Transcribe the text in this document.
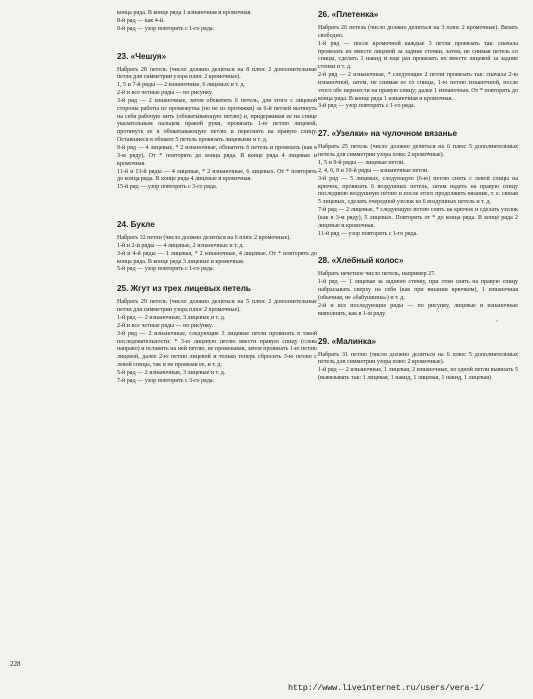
конца ряда. В конце ряда 1 изнаночная и кромочная.

8-й ряд — как 4-й.

9-й ряд — узор повторять с 1-го ряда.

23. «Чешуя»

Набрать 28 петель (число должно делиться на 8 плюс 2 дополнительные петли для симметрии узора плюс 2 кромочные).

1, 5 и 7-й ряды — 2 изнаночные, 6 лицевых и т. д.

2-й и все четные ряды — по рисунку.

3-й ряд — 2 изнаночные, затем обхватить 6 петель, для этого с лицевой стороны работы из промежутка (но не из протяжки) за 6-й петлей вытянуть на себя рабочую нить (обхватывающую петлю) и, придерживая ее на спице указательным пальцем правой руки, провязать 1-ю петлю лицевой, протянуть ее в обхватывающую петлю и переснять на правую спицу. Оставшиеся в обхвате 5 петель провязать лицевыми и т. д.

9-й ряд — 4 лицевые, * 2 изнаночные, обхватить 6 петель и провязать (как в 3-м ряду). От * повторять до конца ряда. В конце ряда 4 лицевые и кромочная.

11-й и 13-й ряды — 4 лицевые, * 2 изнаночные, 6 лицевых. От * повторять до конца ряда. В конце ряда 4 лицевые и кромочная.

15-й ряд — узор повторять с 3-го ряда.

24. Букле

Набрать 32 петли (число должно делиться на 6 плюс 2 кромочные).

1-й и 2-й ряды — 4 лицевые, 2 изнаночные и т. д.

3-й и 4-й ряды — 1 лицевая, * 2 изнаночные, 4 лицевые. От * повторять до конца ряда. В конце ряда 3 лицевые и кромочная.

5-й ряд — узор повторять с 1-го ряда.

25. Жгут из трех лицевых петель

Набрать 29 петель (число должно делиться на 5 плюс 2 дополнительные петли для симметрии узора плюс 2 кромочные).

1-й ряд — 2 изнаночные, 3 лицевые и т. д.

2-й и все четные ряды — по рисунку.

3-й ряд — 2 изнаночные, следующие 3 лицевые петли провязать в такой последовательности: * 3-ю лицевую петлю ввести правую спицу (слева направо) и оставить на ней петлю, не провязывая, затем провязать 1-ю петлю лицевой, далее 2-ю петлю лицевой и только теперь сбросить 3-ю петлю с левой спицы, так и не провязав ее, и т. д.

5-й ряд — 2 изнаночные, 3 лицевые и т. д.

7-й ряд — узор повторять с 3-го ряда.

26. «Плетенка»

Набрать 26 петель (число должно делиться на 3 плюс 2 кромочные). Вязать свободно.

1-й ряд — после кромочной каждые 3 петли провязать так: сначала провязать их вместе лицевой за задние стенки, затем, не снимая петель со спицы, сделать 1 накид и еще раз провязать их вместе лицевой за задние стенки и т. д.

2-й ряд — 2 изнаночные, * следующие 2 петли провязать так: сначала 2-ю изнаночной, затем, не снимая ее со спицы, 1-ю петлю изнаночной, после этого обе перенести на правую спицу; далее 1 изнаночная. От * повторять до конца ряда. В конце ряда 1 изнаночная и кромочная.

3-й ряд — узор повторять с 1-го ряда.

27. «Узелки» на чулочном вязанье

Набрать 25 петель (число должно делиться на 6 плюс 5 дополнительных петель для симметрии узора плюс 2 кромочные).

1, 5 и 9-й ряды — лицевые петли.

2, 4, 6, 8 и 10-й ряды — изнаночные петли.

3-й ряд — 5 лицевых, следующую (6-ю) петлю снять с левой спицы на крючок, провязать 6 воздушных петель, затем надеть на правую спицу последнюю воздушную петлю и после этого продолжить вязание, т. е. связав 5 лицевых, сделать очередной узелок из 6 воздушных петель и т. д.

7-й ряд — 2 лицевые, * следующую петлю снять на крючок и сделать узелок (как в 3-м ряду), 5 лицевых. Повторять от * до конца ряда. В конце ряда 2 лицевые и кромочная.

11-й ряд — узор повторять с 1-го ряда.

28. «Хлебный колос»

Набрать нечетное число петель, например 27.

1-й ряд — 1 лицевая за заднюю стенку, при этом снять на правую спицу набрасывать сверху на себя (как при вязании крючком), 1 изнаночная (обычная, не «бабушкина») и т. д.

2-й и все последующие ряды — по рисунку, лицевые и изнаночные выполнять, как в 1-м ряду.

29. «Малинка»

Набрать 31 петлю (число должно делиться на 6 плюс 5 дополнительных петель для симметрии узора плюс 2 кромочные).

1-й ряд — 2 изнаночные, 1 лицевая, 2 изнаночные, из одной петли вывязать 5 (вывязывать так: 1 лицевая, 1 накид, 1 лицевая, 1 накид, 1 лицевая)

228
http://www.liveinternet.ru/users/vera-1/
